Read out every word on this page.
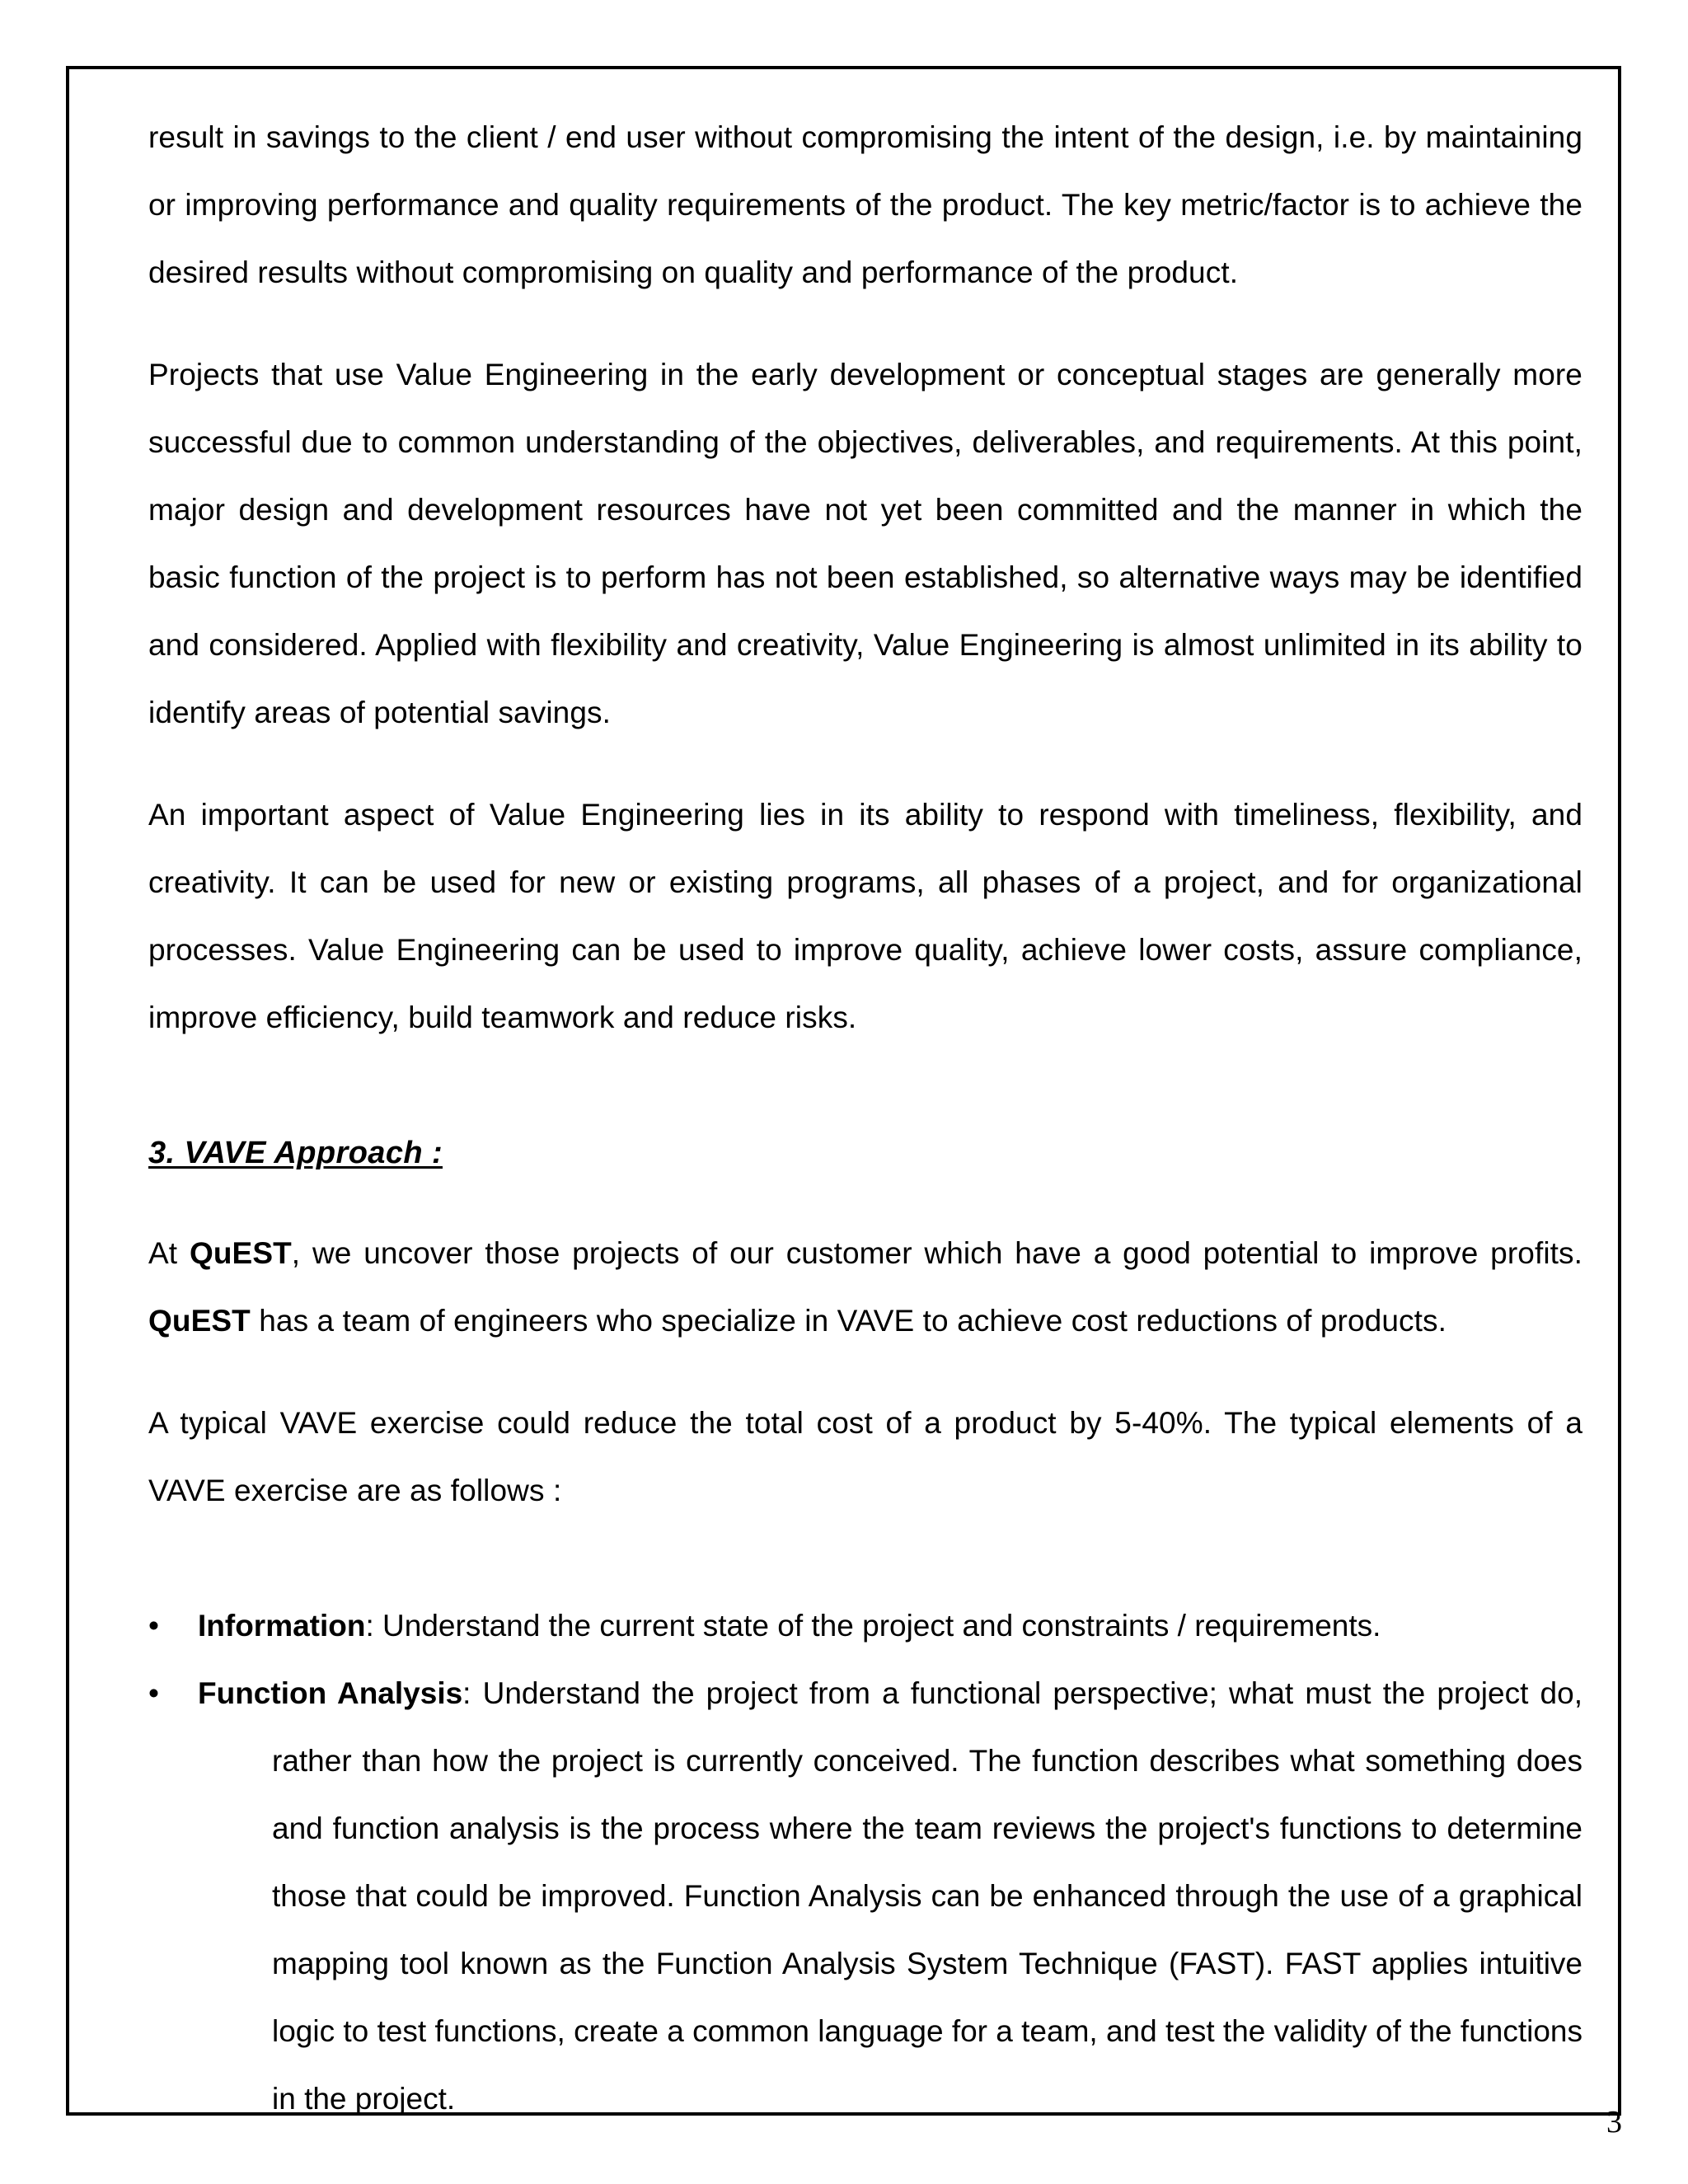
result in savings to the client / end user without compromising the intent of the design, i.e. by maintaining or improving performance and quality requirements of the product. The key metric/factor is to achieve the desired results without compromising on quality and performance of the product.

Projects that use Value Engineering in the early development or conceptual stages are generally more successful due to common understanding of the objectives, deliverables, and requirements. At this point, major design and development resources have not yet been committed and the manner in which the basic function of the project is to perform has not been established, so alternative ways may be identified and considered. Applied with flexibility and creativity, Value Engineering is almost unlimited in its ability to identify areas of potential savings.

An important aspect of Value Engineering lies in its ability to respond with timeliness, flexibility, and creativity. It can be used for new or existing programs, all phases of a project, and for organizational processes. Value Engineering can be used to improve quality, achieve lower costs, assure compliance, improve efficiency, build teamwork and reduce risks.

3. VAVE Approach :

At QuEST, we uncover those projects of our customer which have a good potential to improve profits. QuEST has a team of engineers who specialize in VAVE to achieve cost reductions of products.

A typical VAVE exercise could reduce the total cost of a product by 5-40%. The typical elements of a VAVE exercise are as follows :

• Information: Understand the current state of the project and constraints / requirements.
• Function Analysis: Understand the project from a functional perspective; what must the project do, rather than how the project is currently conceived. The function describes what something does and function analysis is the process where the team reviews the project's functions to determine those that could be improved. Function Analysis can be enhanced through the use of a graphical mapping tool known as the Function Analysis System Technique (FAST). FAST applies intuitive logic to test functions, create a common language for a team, and test the validity of the functions in the project.
3
